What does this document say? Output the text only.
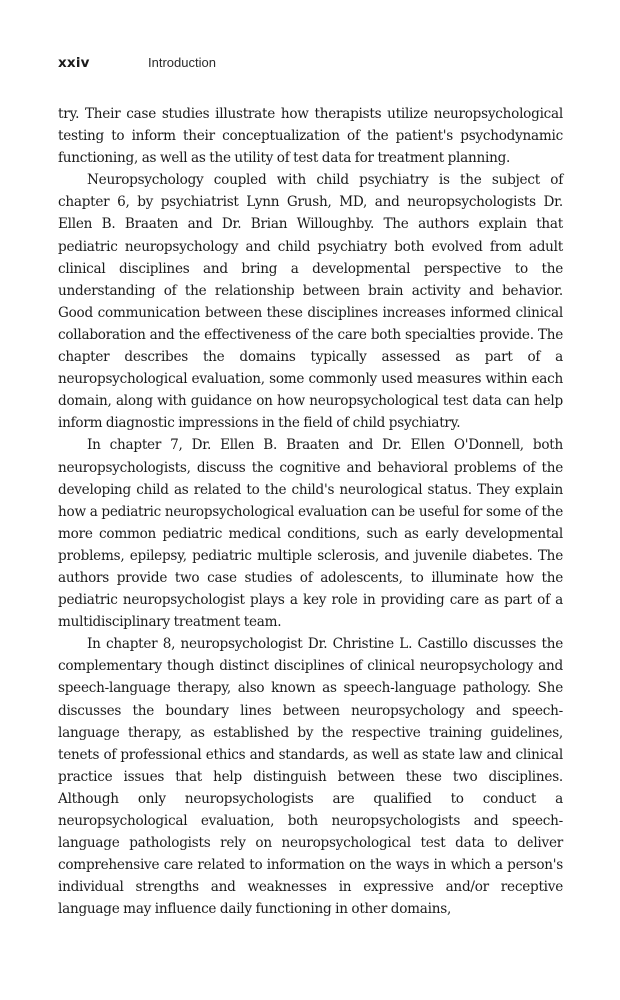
xxiv	Introduction

try. Their case studies illustrate how therapists utilize neuropsychological testing to inform their conceptualization of the patient's psychodynamic functioning, as well as the utility of test data for treatment planning.

Neuropsychology coupled with child psychiatry is the subject of chapter 6, by psychiatrist Lynn Grush, MD, and neuropsychologists Dr. Ellen B. Braaten and Dr. Brian Willoughby. The authors explain that pediatric neuropsychology and child psychiatry both evolved from adult clinical disciplines and bring a developmental perspective to the understanding of the relationship between brain activity and behavior. Good communication between these disciplines increases informed clinical collaboration and the effectiveness of the care both specialties provide. The chapter describes the domains typically assessed as part of a neuropsychological evaluation, some commonly used measures within each domain, along with guidance on how neuropsychological test data can help inform diagnostic impressions in the field of child psychiatry.

In chapter 7, Dr. Ellen B. Braaten and Dr. Ellen O'Donnell, both neuropsychologists, discuss the cognitive and behavioral problems of the developing child as related to the child's neurological status. They explain how a pediatric neuropsychological evaluation can be useful for some of the more common pediatric medical conditions, such as early developmental problems, epilepsy, pediatric multiple sclerosis, and juvenile diabetes. The authors provide two case studies of adolescents, to illuminate how the pediatric neuropsychologist plays a key role in providing care as part of a multidisciplinary treatment team.

In chapter 8, neuropsychologist Dr. Christine L. Castillo discusses the complementary though distinct disciplines of clinical neuropsychology and speech-language therapy, also known as speech-language pathology. She discusses the boundary lines between neuropsychology and speech-language therapy, as established by the respective training guidelines, tenets of professional ethics and standards, as well as state law and clinical practice issues that help distinguish between these two disciplines. Although only neuropsychologists are qualified to conduct a neuropsychological evaluation, both neuropsychologists and speech-language pathologists rely on neuropsychological test data to deliver comprehensive care related to information on the ways in which a person's individual strengths and weaknesses in expressive and/or receptive language may influence daily functioning in other domains,
